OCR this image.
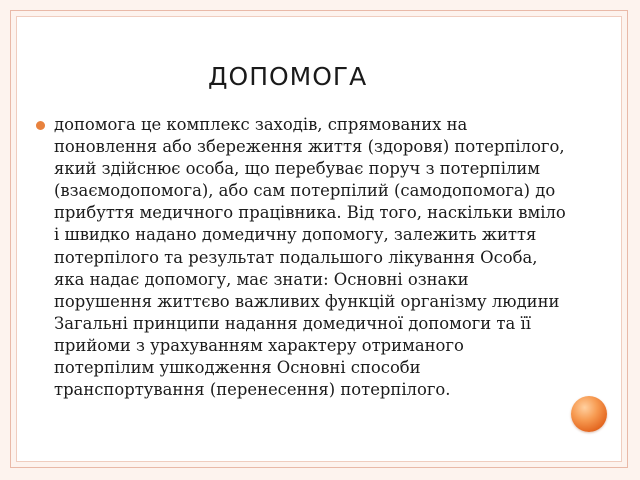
ДОПОМОГА

допомога це комплекс заходів, спрямованих на поновлення або збереження життя (здоровя) потерпілого, який здійснює особа, що перебуває поруч з потерпілим (взаємодопомога), або сам потерпілий (самодопомога) до прибуття медичного працівника. Від того, наскільки вміло і швидко надано домедичну допомогу, залежить життя потерпілого та результат подальшого лікування Особа, яка надає допомогу, має знати: Основні ознаки порушення життєво важливих функцій організму людини Загальні принципи надання домедичної допомоги та її прийоми з урахуванням характеру отриманого потерпілим ушкодження Основні способи транспортування (перенесення) потерпілого.
